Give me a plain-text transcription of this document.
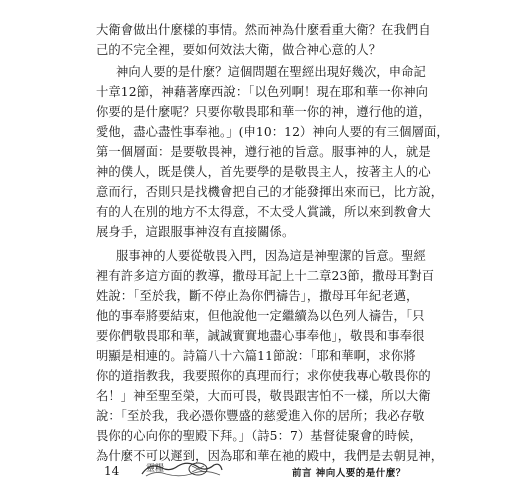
大衛會做出什麼樣的事情。然而神為什麼看重大衛？在我們自
己的不完全裡，要如何效法大衛，做合神心意的人？
神向人要的是什麼？這個問題在聖經出現好幾次，申命記
十章12節，神藉著摩西說：「以色列啊！現在耶和華一你神向
你要的是什麼呢？只要你敬畏耶和華一你的神，遵行他的道，
愛他，盡心盡性事奉祂。」(申10：12）神向人要的有三個層面，
第一個層面：是要敬畏神，遵行祂的旨意。服事神的人，就是
神的僕人，既是僕人，首先要學的是敬畏主人，按著主人的心
意而行，否則只是找機會把自己的才能發揮出來而已，比方說，
有的人在別的地方不太得意，不太受人賞識，所以來到教會大
展身手，這跟服事神沒有直接關係。
服事神的人要從敬畏入門，因為這是神聖潔的旨意。聖經
裡有許多這方面的教導，撒母耳記上十二章23節，撒母耳對百
姓說：「至於我，斷不停止為你們禱告」，撒母耳年紀老邁，
他的事奉將要結束，但他說他一定繼續為以色列人禱告，「只
要你們敬畏耶和華，誠誠實實地盡心事奉他」，敬畏和事奉很
明顯是相連的。詩篇八十六篇11節說：「耶和華啊，求你將
你的道指教我，我要照你的真理而行；求你使我專心敬畏你的
名！」神至聖至榮，大而可畏，敬畏跟害怕不一樣，所以大衛
說：「至於我，我必憑你豐盛的慈愛進入你的居所；我必存敬
畏你的心向你的聖殿下拜。」（詩5：7）基督徒聚會的時候，
為什麼不可以遲到，因為耶和華在祂的殿中，我們是去朝見神，
14	靈糧	前言 神向人要的是什麼？
